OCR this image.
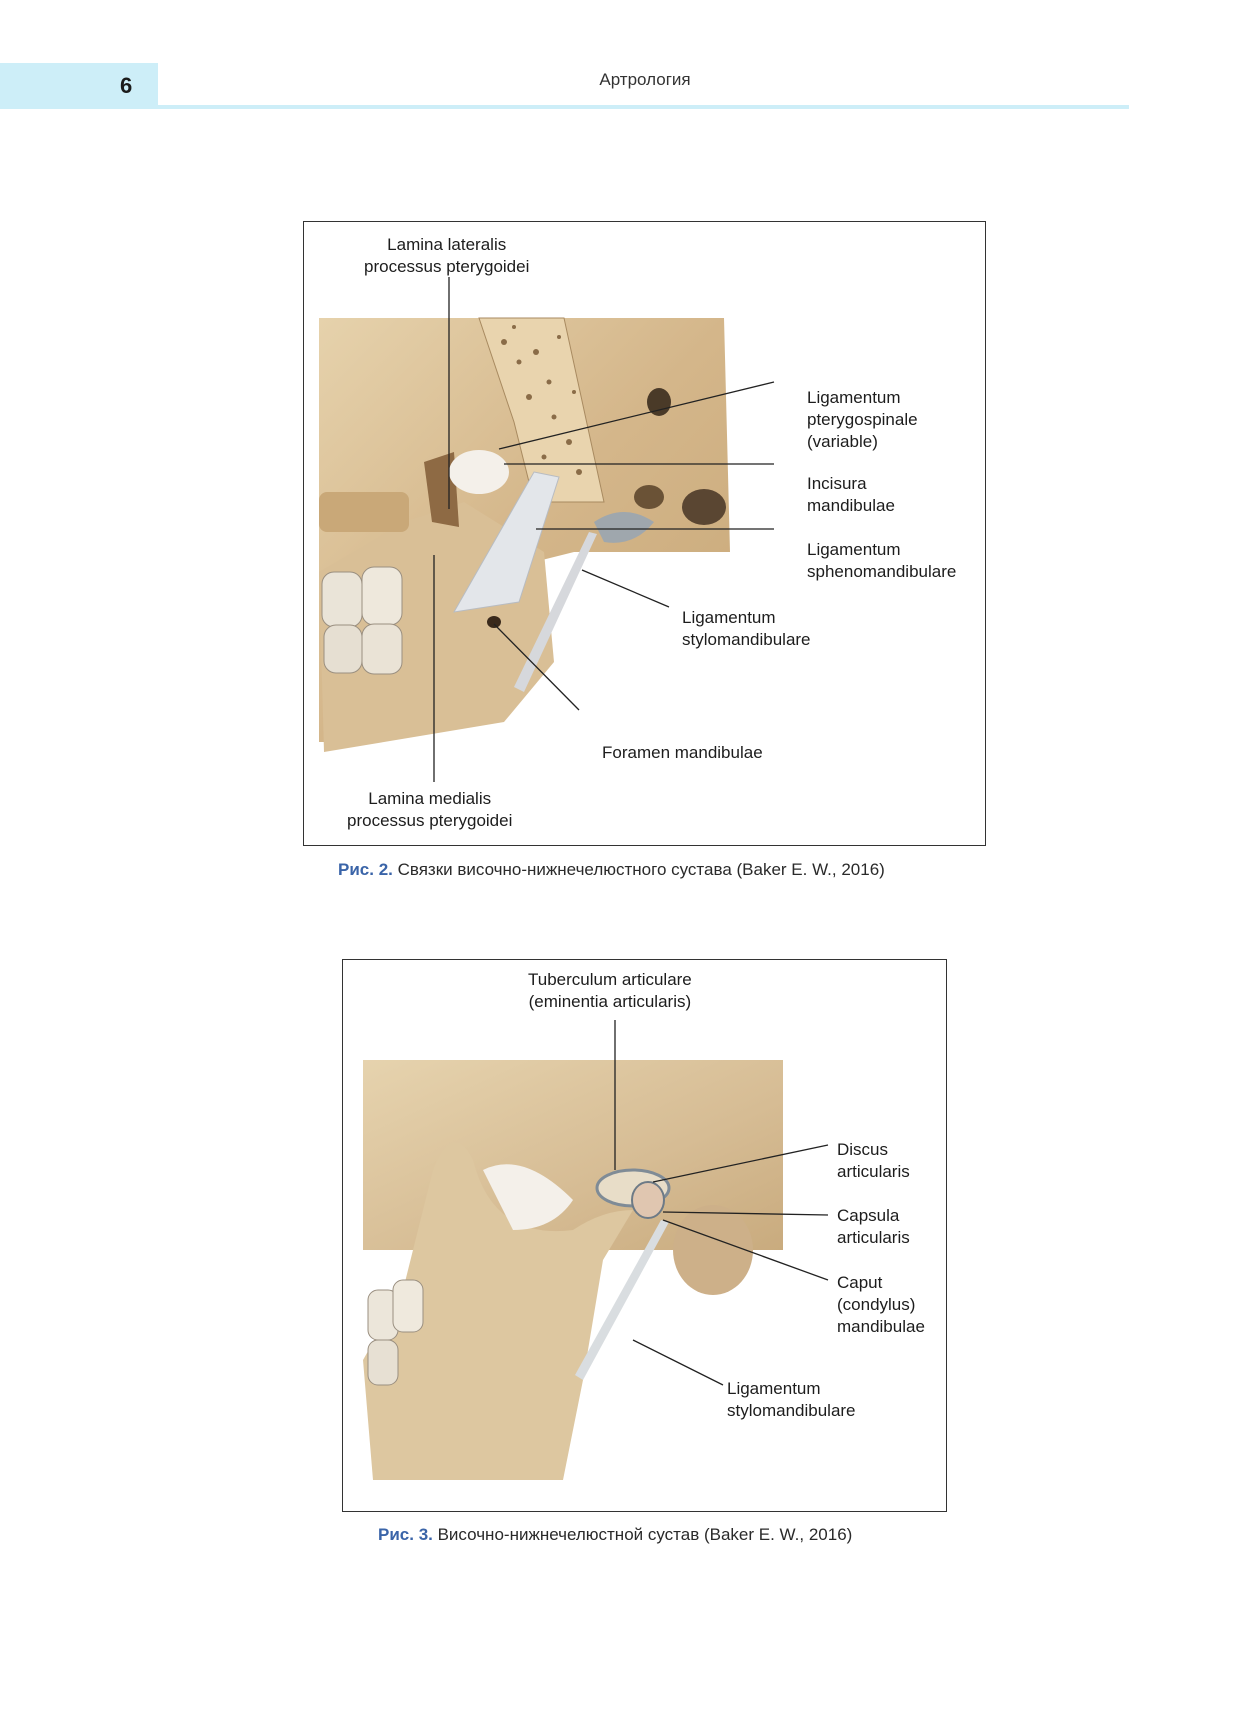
6	Артрология
Lamina lateralis
processus pterygoidei
Ligamentum
pterygospinale
(variable)
Incisura
mandibulae
Ligamentum
sphenomandibulare
Ligamentum
stylomandibulare
Foramen mandibulae
Lamina medialis
processus pterygoidei
Рис. 2. Связки височно-нижнечелюстного сустава (Baker E. W., 2016)
Tuberculum articulare
(eminentia articularis)
Discus
articularis
Capsula
articularis
Caput
(condylus)
mandibulae
Ligamentum
stylomandibulare
Рис. 3. Височно-нижнечелюстной сустав (Baker E. W., 2016)
